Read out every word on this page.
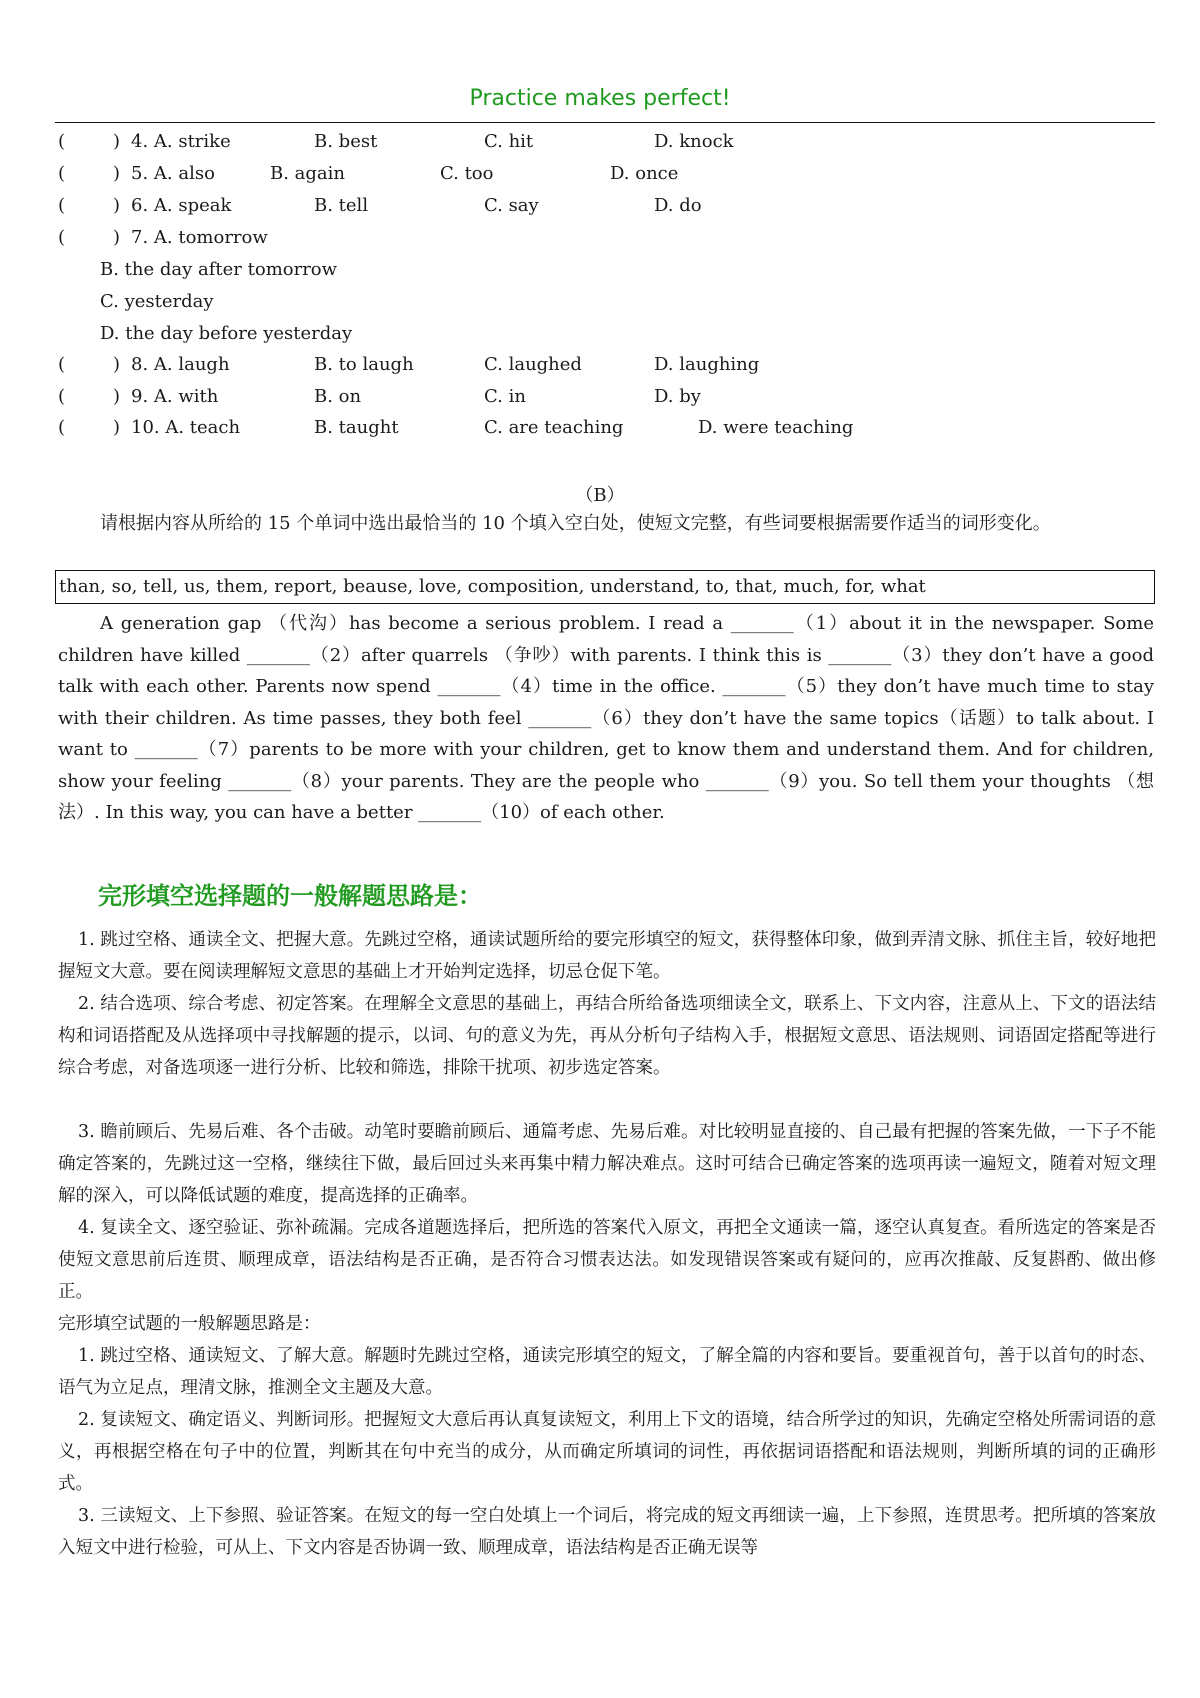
Practice makes perfect!
(	) 4. A. strike	B. best	C. hit	D. knock
(	) 5. A. also	B. again	C. too	D. once
(	) 6. A. speak	B. tell	C. say	D. do
(	) 7. A. tomorrow
B. the day after tomorrow
C. yesterday
D. the day before yesterday
(	) 8. A. laugh	B. to laugh	C. laughed	D. laughing
(	) 9. A. with	B. on	C. in	D. by
(	) 10. A. teach	B. taught	C. are teaching	D. were teaching
（B）
请根据内容从所给的 15 个单词中选出最恰当的 10 个填入空白处，使短文完整，有些词要根据需要作适当的词形变化。
than, so, tell, us, them, report, beause, love, composition, understand, to, that, much, for, what
A generation gap （代沟）has become a serious problem. I read a _______（1）about it in the newspaper. Some children have killed _______（2）after quarrels （争吵）with parents. I think this is _______（3）they don’t have a good talk with each other. Parents now spend _______（4）time in the office. _______（5）they don’t have much time to stay with their children. As time passes, they both feel _______（6）they don’t have the same topics（话题）to talk about. I want to _______（7）parents to be more with your children, get to know them and understand them. And for children, show your feeling _______（8）your parents. They are the people who _______（9）you. So tell them your thoughts （想法）. In this way, you can have a better _______（10）of each other.
完形填空选择题的一般解题思路是：
1. 跳过空格、通读全文、把握大意。先跳过空格，通读试题所给的要完形填空的短文，获得整体印象，做到弄清文脉、抓住主旨，较好地把握短文大意。要在阅读理解短文意思的基础上才开始判定选择，切忌仓促下笔。
2. 结合选项、综合考虑、初定答案。在理解全文意思的基础上，再结合所给备选项细读全文，联系上、下文内容，注意从上、下文的语法结构和词语搭配及从选择项中寻找解题的提示，以词、句的意义为先，再从分析句子结构入手，根据短文意思、语法规则、词语固定搭配等进行综合考虑，对备选项逐一进行分析、比较和筛选，排除干扰项、初步选定答案。
3. 瞻前顾后、先易后难、各个击破。动笔时要瞻前顾后、通篇考虑、先易后难。对比较明显直接的、自己最有把握的答案先做，一下子不能确定答案的，先跳过这一空格，继续往下做，最后回过头来再集中精力解决难点。这时可结合已确定答案的选项再读一遍短文，随着对短文理解的深入，可以降低试题的难度，提高选择的正确率。
4. 复读全文、逐空验证、弥补疏漏。完成各道题选择后，把所选的答案代入原文，再把全文通读一篇，逐空认真复查。看所选定的答案是否使短文意思前后连贯、顺理成章，语法结构是否正确，是否符合习惯表达法。如发现错误答案或有疑问的，应再次推敲、反复斟酌、做出修正。
完形填空试题的一般解题思路是：
1. 跳过空格、通读短文、了解大意。解题时先跳过空格，通读完形填空的短文，了解全篇的内容和要旨。要重视首句，善于以首句的时态、语气为立足点，理清文脉，推测全文主题及大意。
2. 复读短文、确定语义、判断词形。把握短文大意后再认真复读短文，利用上下文的语境，结合所学过的知识，先确定空格处所需词语的意义，再根据空格在句子中的位置，判断其在句中充当的成分，从而确定所填词的词性，再依据词语搭配和语法规则，判断所填的词的正确形式。
3. 三读短文、上下参照、验证答案。在短文的每一空白处填上一个词后，将完成的短文再细读一遍，上下参照，连贯思考。把所填的答案放入短文中进行检验，可从上、下文内容是否协调一致、顺理成章，语法结构是否正确无误等
